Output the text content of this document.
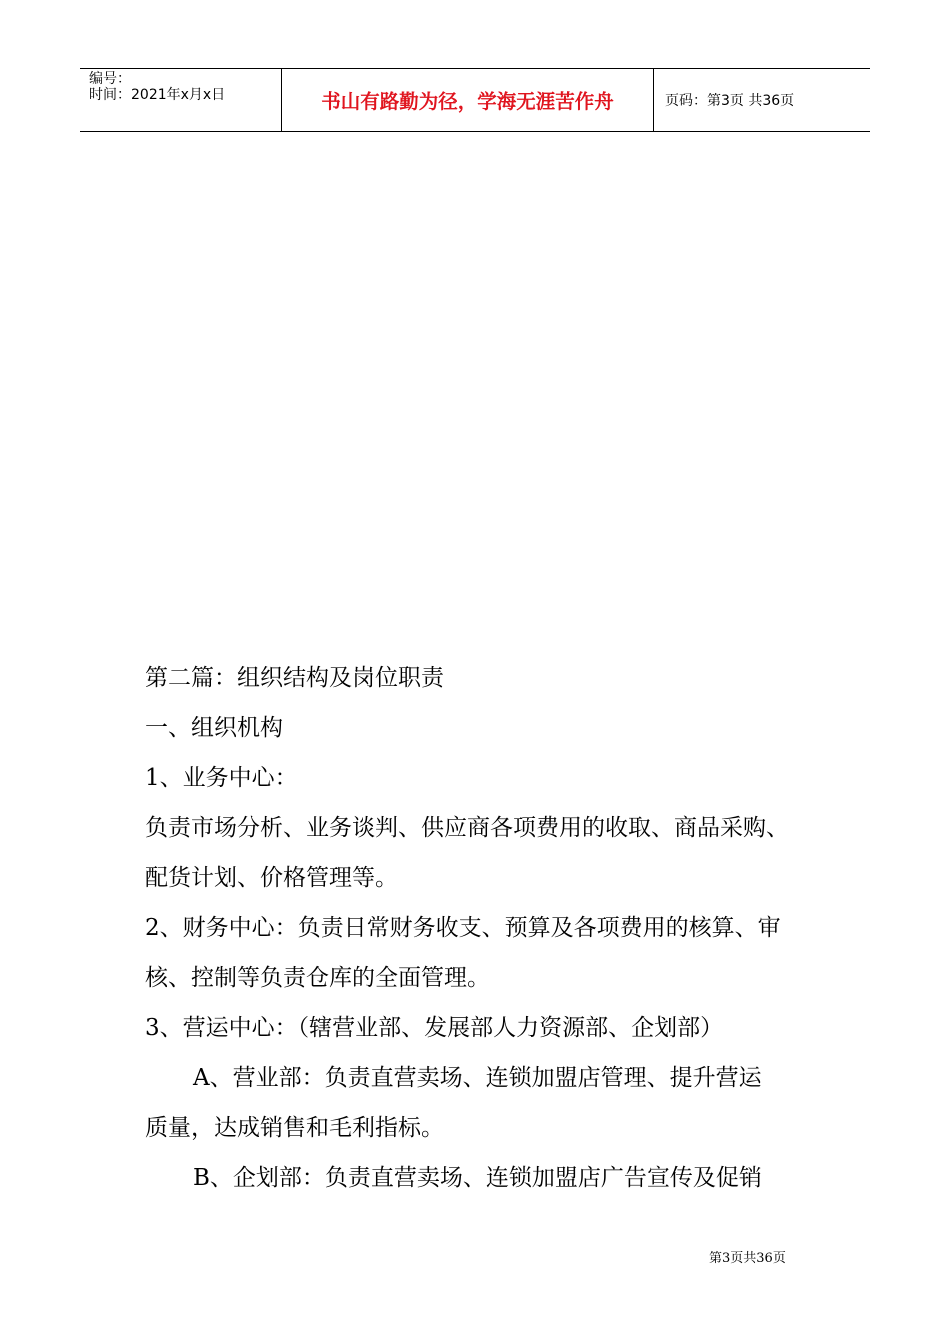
编号：
时间：2021年x月x日	书山有路勤为径，学海无涯苦作舟	页码：第3页 共36页

第二篇：组织结构及岗位职责

一、组织机构

1、业务中心：

负责市场分析、业务谈判、供应商各项费用的收取、商品采购、

配货计划、价格管理等。

2、财务中心：负责日常财务收支、预算及各项费用的核算、审

核、控制等负责仓库的全面管理。

3、营运中心：（辖营业部、发展部人力资源部、企划部）

A、营业部：负责直营卖场、连锁加盟店管理、提升营运

质量，达成销售和毛利指标。

B、企划部：负责直营卖场、连锁加盟店广告宣传及促销

第3页共36页
